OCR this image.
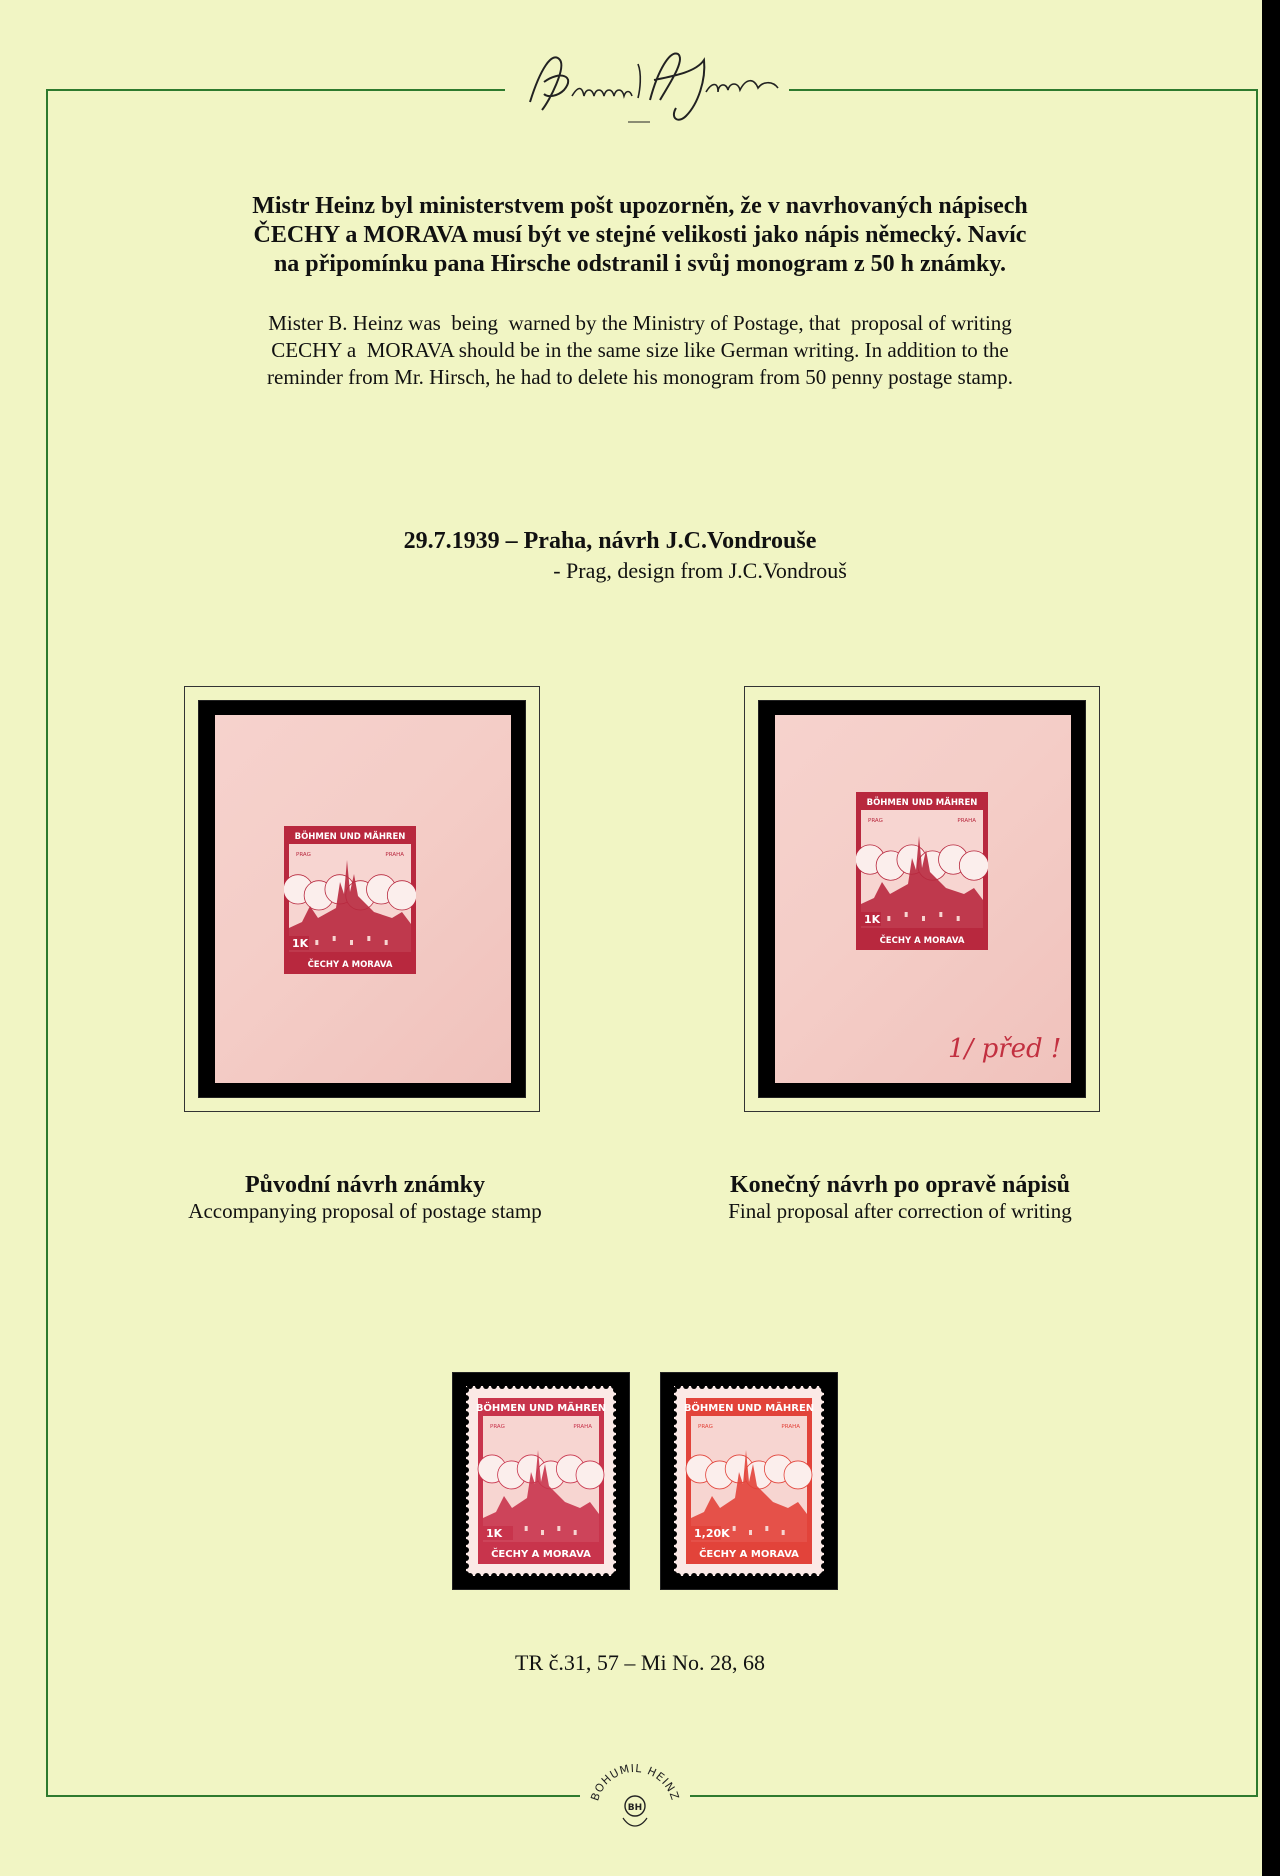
Mistr Heinz byl ministerstvem pošt upozorněn, že v navrhovaných nápisech
ČECHY a MORAVA musí být ve stejné velikosti jako nápis německý. Navíc
na připomínku pana Hirsche odstranil i svůj monogram z 50 h známky.
Mister B. Heinz was  being  warned by the Ministry of Postage, that  proposal of writing
CECHY a  MORAVA should be in the same size like German writing. In addition to the
reminder from Mr. Hirsch, he had to delete his monogram from 50 penny postage stamp.
29.7.1939 – Praha, návrh J.C.Vondrouše
- Prag, design from J.C.Vondrouš
1/ před !
Původní návrh známky
Accompanying proposal of postage stamp
Konečný návrh po opravě nápisů
Final proposal after correction of writing
TR č.31, 57 – Mi No. 28, 68
BOHUMIL HEINZ
BH
BÖHMEN UND MÄHREN
ČECHY A MORAVA
PRAG	PRAHA
1K
BÖHMEN UND MÄHREN
ČECHY A MORAVA
PRAG	PRAHA
1K
BÖHMEN UND MÄHREN
ČECHY A MORAVA
PRAG	PRAHA
1K
BÖHMEN UND MÄHREN
ČECHY A MORAVA
PRAG	PRAHA
1,20K
